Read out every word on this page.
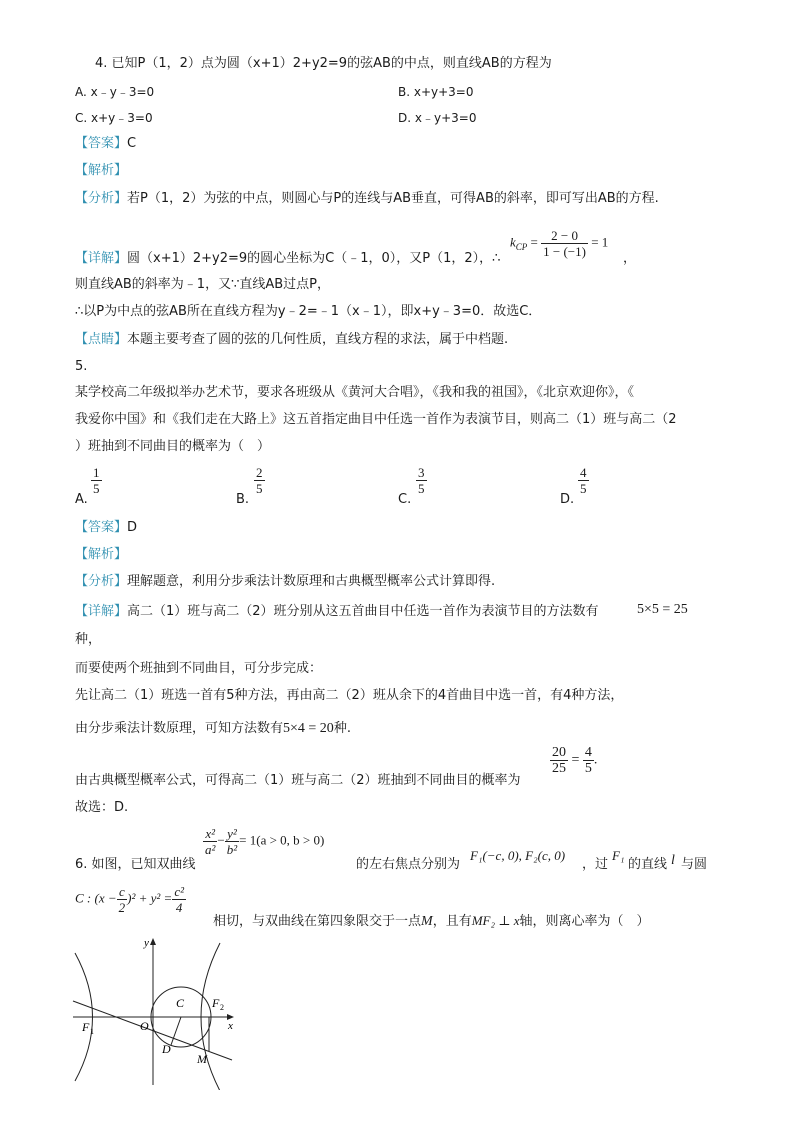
4. 已知P（1，2）点为圆（x+1）2+y2=9的弦AB的中点，则直线AB的方程为
A. x﹣y﹣3=0	B. x+y+3=0
C. x+y﹣3=0	D. x﹣y+3=0
【答案】C
【解析】
【分析】若P（1，2）为弦的中点，则圆心与P的连线与AB垂直，可得AB的斜率，即可写出AB的方程.
【详解】圆（x+1）2+y2=9的圆心坐标为C（﹣1，0），又P（1，2），∴
$k_{CP} = \frac{2 - 0}{1 - (-1)} = 1$
，
则直线AB的斜率为﹣1，又∵直线AB过点P，
∴以P为中点的弦AB所在直线方程为y﹣2=﹣1（x﹣1），即x+y﹣3=0．故选C．
【点睛】本题主要考查了圆的弦的几何性质，直线方程的求法，属于中档题.
5.
某学校高二年级拟举办艺术节，要求各班级从《黄河大合唱》，《我和我的祖国》，《北京欢迎你》，《
我爱你中国》和《我们走在大路上》这五首指定曲目中任选一首作为表演节目，则高二（1）班与高二（2
）班抽到不同曲目的概率为（　）
A.
$\frac{1}{5}$
B.
$\frac{2}{5}$
C.
$\frac{3}{5}$
D.
$\frac{4}{5}$
【答案】D
【解析】
【分析】理解题意，利用分步乘法计数原理和古典概型概率公式计算即得.
【详解】高二（1）班与高二（2）班分别从这五首曲目中任选一首作为表演节目的方法数有	5×5 = 25
种，
而要使两个班抽到不同曲目，可分步完成：
先让高二（1）班选一首有5种方法，再由高二（2）班从余下的4首曲目中选一首，有4种方法，
由分步乘法计数原理，可知方法数有5×4 = 20种.
由古典概型概率公式，可得高二（1）班与高二（2）班抽到不同曲目的概率为
$\frac{20}{25} = \frac{4}{5}$ .
故选：D.
6. 如图，已知双曲线
$\frac{\text{x²}}{\text{a²}} - \frac{\text{y²}}{\text{b²}} = 1(a > 0$, b > 0)
的左右焦点分别为
F₁(−c, 0), F₂(c, 0)
，过
F₁
的直线 l 与圆
C : $(x - \frac{c}{2} )^2 + y^2 = \frac{\text{c²}}{4}$
相切，与双曲线在第四象限交于一点M，且有MF₂ ⊥ x轴，则离心率为（　）
y
x
O
C
F 1
F 2
D
M
